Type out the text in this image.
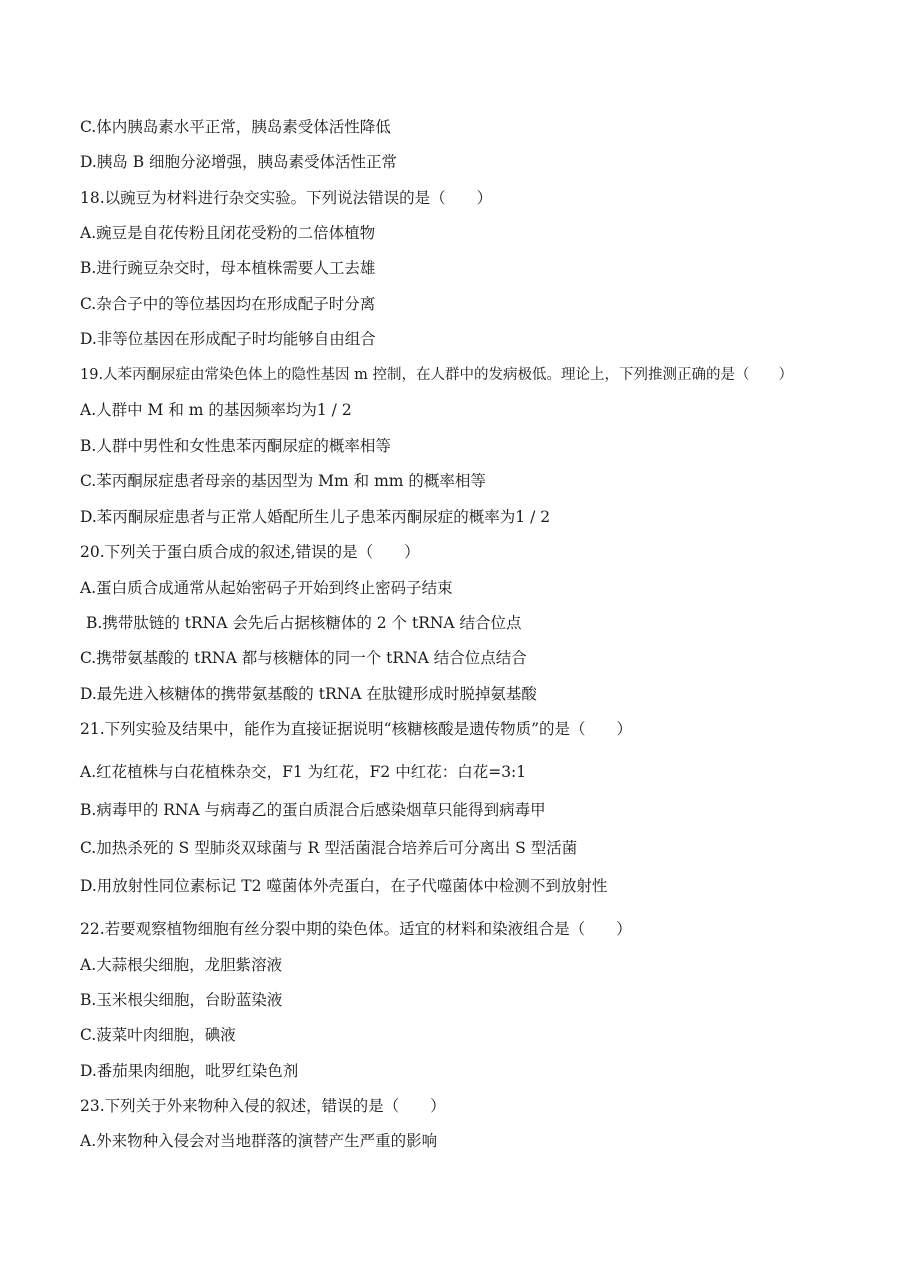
C.体内胰岛素水平正常，胰岛素受体活性降低
D.胰岛 B 细胞分泌增强，胰岛素受体活性正常
18.以豌豆为材料进行杂交实验。下列说法错误的是（　　）
A.豌豆是自花传粉且闭花受粉的二倍体植物
B.进行豌豆杂交时，母本植株需要人工去雄
C.杂合子中的等位基因均在形成配子时分离
D.非等位基因在形成配子时均能够自由组合
19.人苯丙酮尿症由常染色体上的隐性基因 m 控制，在人群中的发病极低。理论上，下列推测正确的是（　　）
A.人群中 M 和 m 的基因频率均为1 / 2
B.人群中男性和女性患苯丙酮尿症的概率相等
C.苯丙酮尿症患者母亲的基因型为 Mm 和 mm 的概率相等
D.苯丙酮尿症患者与正常人婚配所生儿子患苯丙酮尿症的概率为1 / 2
20.下列关于蛋白质合成的叙述,错误的是（　　）
A.蛋白质合成通常从起始密码子开始到终止密码子结束
B.携带肽链的 tRNA 会先后占据核糖体的 2 个 tRNA 结合位点
C.携带氨基酸的 tRNA 都与核糖体的同一个 tRNA 结合位点结合
D.最先进入核糖体的携带氨基酸的 tRNA 在肽键形成时脱掉氨基酸
21.下列实验及结果中，能作为直接证据说明“核糖核酸是遗传物质”的是（　　）
A.红花植株与白花植株杂交，F1 为红花，F2 中红花：白花=3:1
B.病毒甲的 RNA 与病毒乙的蛋白质混合后感染烟草只能得到病毒甲
C.加热杀死的 S 型肺炎双球菌与 R 型活菌混合培养后可分离出 S 型活菌
D.用放射性同位素标记 T2 噬菌体外壳蛋白，在子代噬菌体中检测不到放射性
22.若要观察植物细胞有丝分裂中期的染色体。适宜的材料和染液组合是（　　）
A.大蒜根尖细胞，龙胆紫溶液
B.玉米根尖细胞，台盼蓝染液
C.菠菜叶肉细胞，碘液
D.番茄果肉细胞，吡罗红染色剂
23.下列关于外来物种入侵的叙述，错误的是（　　）
A.外来物种入侵会对当地群落的演替产生严重的影响
